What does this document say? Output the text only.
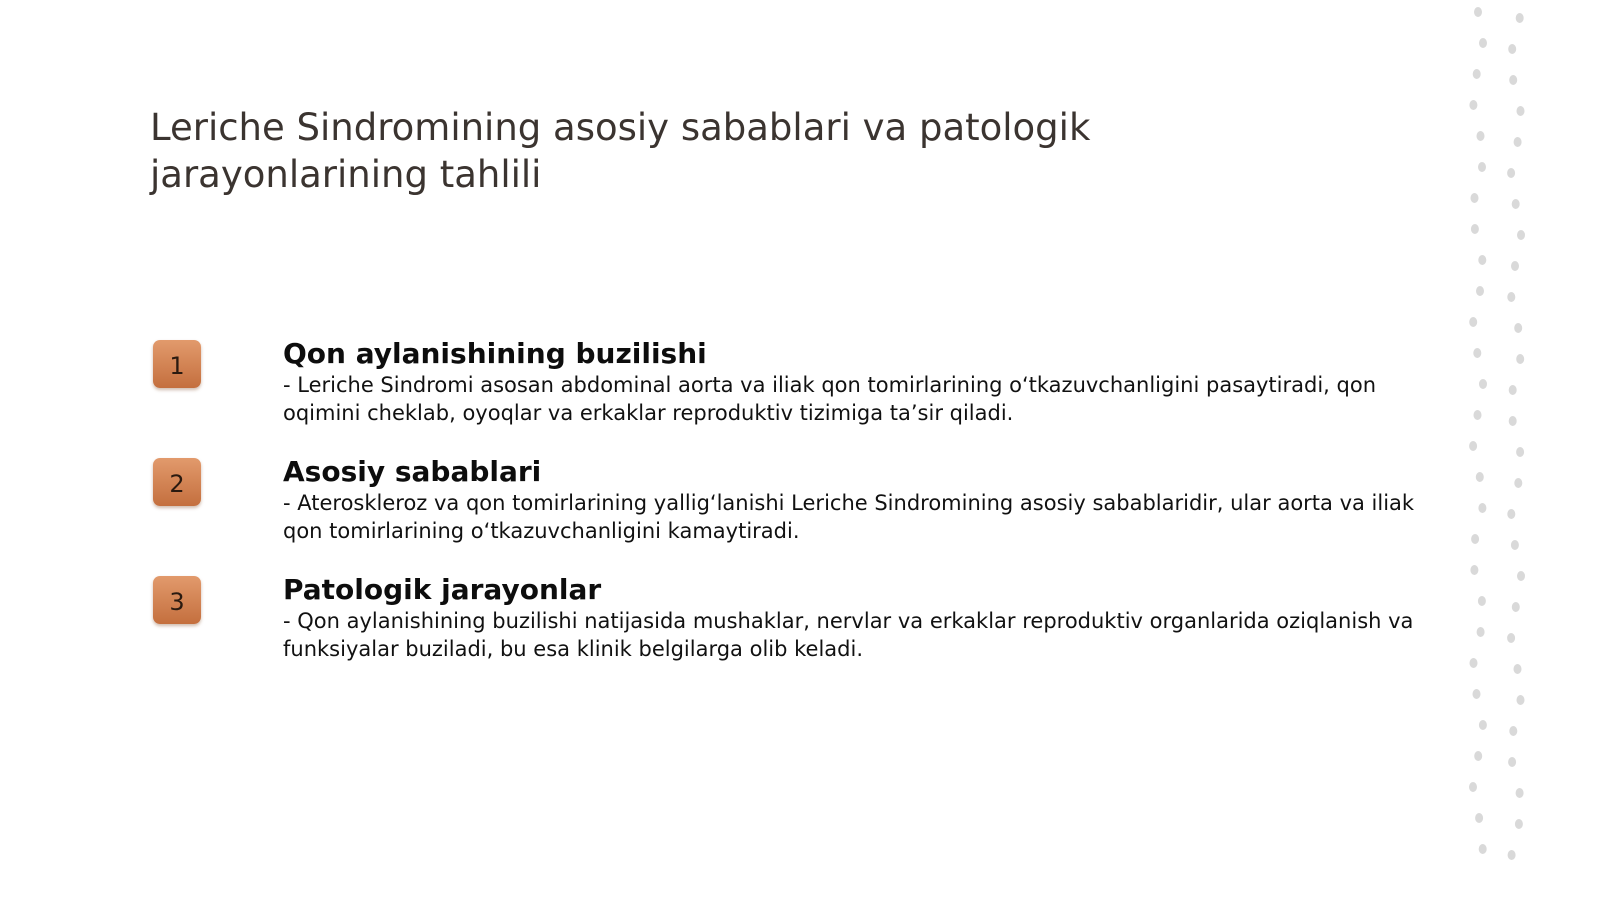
Leriche Sindromining asosiy sabablari va patologik jarayonlarining tahlili
1	Qon aylanishining buzilishi

- Leriche Sindromi asosan abdominal aorta va iliak qon tomirlarining o‘tkazuvchanligini pasaytiradi, qon oqimini cheklab, oyoqlar va erkaklar reproduktiv tizimiga ta’sir qiladi.

2	Asosiy sabablari

- Ateroskleroz va qon tomirlarining yallig‘lanishi Leriche Sindromining asosiy sabablaridir, ular aorta va iliak qon tomirlarining o‘tkazuvchanligini kamaytiradi.

3	Patologik jarayonlar

- Qon aylanishining buzilishi natijasida mushaklar, nervlar va erkaklar reproduktiv organlarida oziqlanish va funksiyalar buziladi, bu esa klinik belgilarga olib keladi.
